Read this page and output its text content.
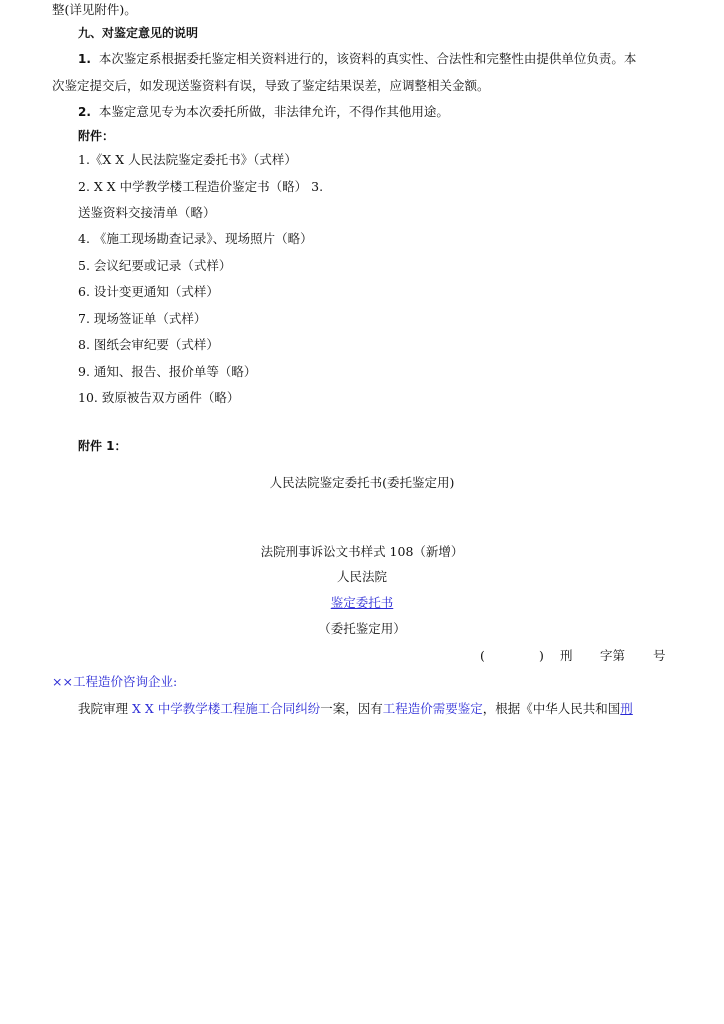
整(详见附件)。
九、对鉴定意见的说明
1. 本次鉴定系根据委托鉴定相关资料进行的，该资料的真实性、合法性和完整性由提供单位负责。本
次鉴定提交后，如发现送鉴资料有误，导致了鉴定结果误差，应调整相关金额。
2. 本鉴定意见专为本次委托所做，非法律允许，不得作其他用途。
附件：
1.《X X 人民法院鉴定委托书》（式样）
2. X X 中学教学楼工程造价鉴定书（略） 3.
送鉴资料交接清单（略）
4. 《施工现场勘查记录》、现场照片（略）
5. 会议纪要或记录（式样）
6. 设计变更通知（式样）
7. 现场签证单（式样）
8. 图纸会审纪要（式样）
9. 通知、报告、报价单等（略）
10. 致原被告双方函件（略）
附件 1：
人民法院鉴定委托书(委托鉴定用)
法院刑事诉讼文书样式 108（新增）
人民法院
鉴定委托书
（委托鉴定用）
(	) 刑 字第 号
××工程造价咨询企业:
我院审理 X X 中学教学楼工程施工合同纠纷一案，因有工程造价需要鉴定，根据《中华人民共和国刑
